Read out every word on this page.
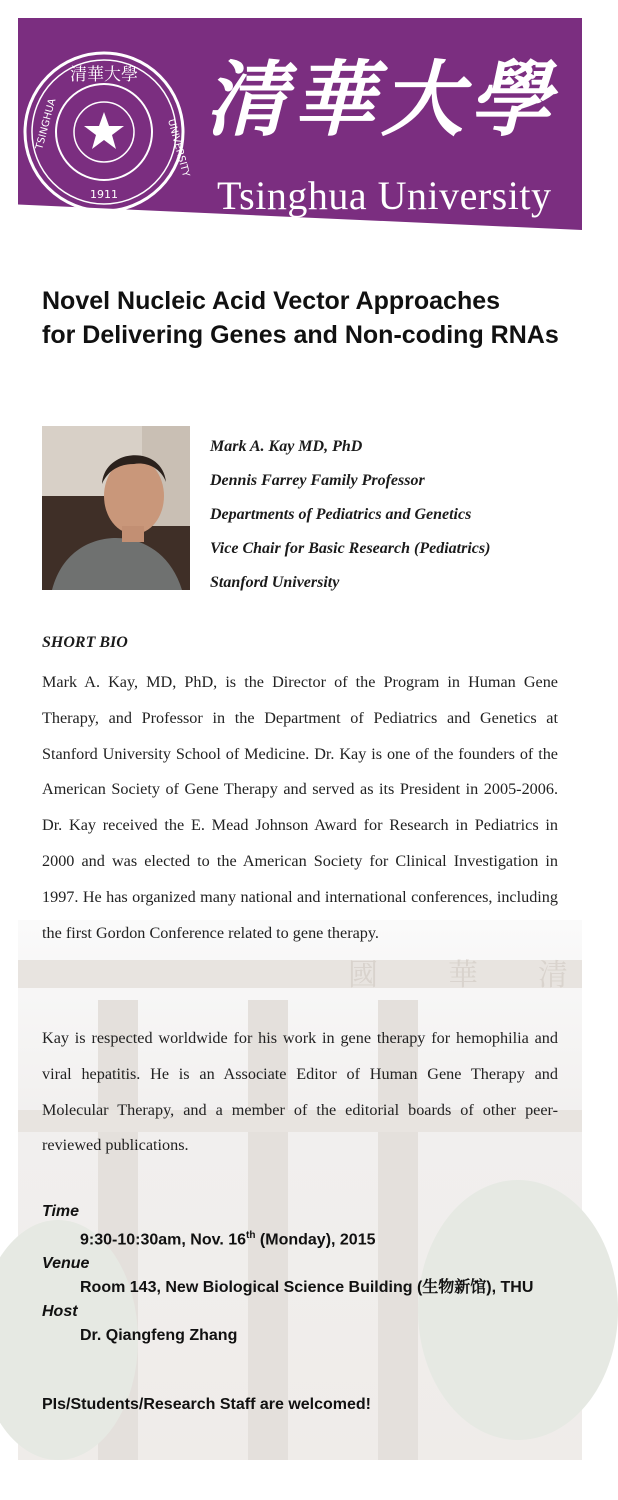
國 華 清
清華大學
TSINGHUA	UNIVERSITY
1911
清華大學
Tsinghua University
Novel Nucleic Acid Vector Approaches
for Delivering Genes and Non-coding RNAs
Mark A. Kay MD, PhD
Dennis Farrey Family Professor
Departments of Pediatrics and Genetics
Vice Chair for Basic Research (Pediatrics)
Stanford University
SHORT BIO
Mark A. Kay, MD, PhD, is the Director of the Program in Human Gene Therapy, and Professor in the Department of Pediatrics and Genetics at Stanford University School of Medicine. Dr. Kay is one of the founders of the American Society of Gene Therapy and served as its President in 2005-2006. Dr. Kay received the E. Mead Johnson Award for Research in Pediatrics in 2000 and was elected to the American Society for Clinical Investigation in 1997. He has organized many national and international conferences, including the first Gordon Conference related to gene therapy.
Kay is respected worldwide for his work in gene therapy for hemophilia and viral hepatitis. He is an Associate Editor of Human Gene Therapy and Molecular Therapy, and a member of the editorial boards of other peer-reviewed publications.
Time
9:30-10:30am, Nov. 16th (Monday), 2015
Venue
Room 143, New Biological Science Building (生物新馆), THU
Host
Dr. Qiangfeng Zhang
PIs/Students/Research Staff are welcomed!
